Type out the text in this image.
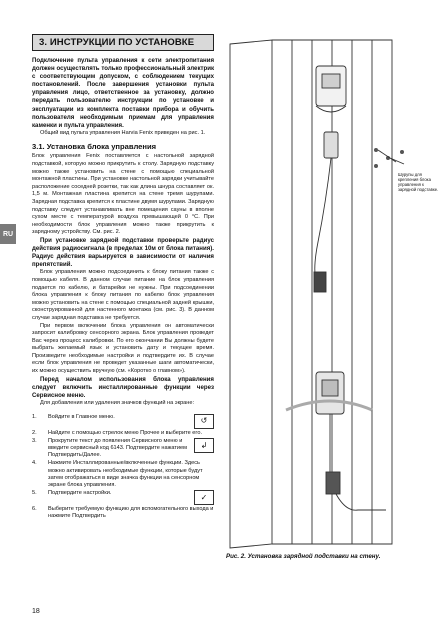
RU
3. ИНСТРУКЦИИ ПО УСТАНОВКЕ
Подключение пульта управления к сети электропитания должен осуществлять только профессиональный электрик с соответствующим допуском, с соблюдением текущих постановлений. После завершения установки пульта управления лицо, ответственное за установку, должно передать пользователю инструкции по установке и эксплуатации из комплекта поставки прибора и обучить пользователя необходимым приемам для управления каменки и пульта управления.
Общий вид пульта управления Harvia Fenix приведен на рис. 1.
3.1. Установка блока управления
Блок управления Fenix поставляется с настольной зарядной подставкой, которую можно прикрутить к столу. Зарядную подставку можно также установить на стене с помощью специальной монтажной пластины. При установке настольной зарядки учитывайте расположение соседней розетки, так как длина шнура составляет ок. 1,5 м. Монтажная пластина крепится на стене тремя шурупами. Зарядная подставка крепится к пластине двумя шурупами. Зарядную подставку следует устанавливать вне помещения сауны в вполне сухом месте с температурой воздуха превышающей 0 °C. При необходимости блок управления можно также прикрутить к зарядному устройству. См. рис. 2.
При установке зарядной подставки проверьте радиус действия радиосигнала (в пределах 10м от блока питания). Радиус действия варьируется в зависимости от наличия препятствий.
Блок управления можно подсоединить к блоку питания также с помощью кабеля. В данном случае питание на блок управления подается по кабелю, и батарейки не нужны. При подсоединении блока управления к блоку питания по кабелю блок управления можно установить на стене с помощью специальной задней крышки, сконструированной для настенного монтажа (см. рис. 3). В данном случае зарядная подставка не требуется.
При первом включении блока управления он автоматически запросит калибровку сенсорного экрана. Блок управления проведет Вас через процесс калибровки. По его окончании Вы должны будете выбрать желаемый язык и установить дату и текущее время. Произведите необходимые настройки и подтвердите их. В случае если блок управления не проведет указанные шаги автоматически, их можно осуществить вручную (см. «Коротко о главном»).
Перед началом использования блока управления следует включить инсталлированные функции через Сервисное меню.
Для добавления или удаления значков функций на экране:
1.	Войдите в Главное меню.	↺
2.	Найдите с помощью стрелок меню Прочее и выберите его.
3.	Прокрутите текст до появления Сервисного меню и введите сервисный код 6143. Подтвердите нажатием Подтвердить/Далее.
↲
4.	Нажмите Инсталлированные/включенные функции. Здесь можно активировать необходимые функции, которые будут затем отображаться в виде значка функции на сенсорном экране блока управления.
5.	Подтвердите настройки.	✓
6.	Выберите требуемую функцию для вспомогательного выхода и нажмите Подтвердить
Шурупы для крепления блока управления к зарядной подставке.
Рис. 2. Установка зарядной подставки на стену.
18
